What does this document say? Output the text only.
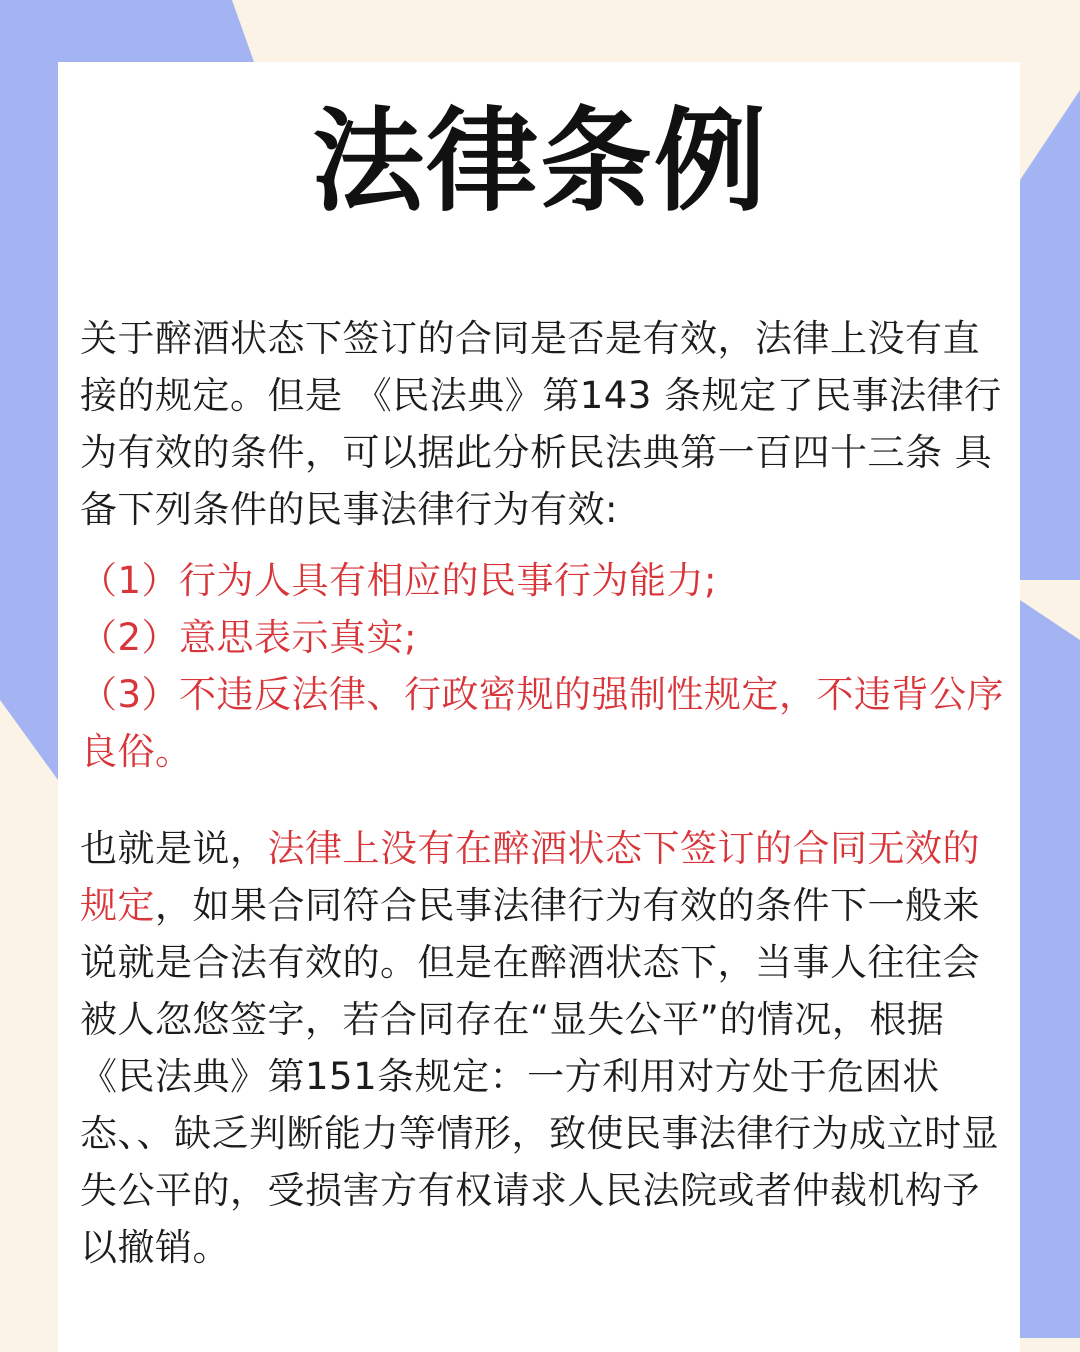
法律条例

关于醉酒状态下签订的合同是否是有效，法律上没有直接的规定。但是 《民法典》第143 条规定了民事法律行为有效的条件，可以据此分析民法典第一百四十三条 具备下列条件的民事法律行为有效:

（1）行为人具有相应的民事行为能力;
（2）意思表示真实;
（3）不违反法律、行政密规的强制性规定，不违背公序良俗。

也就是说，法律上没有在醉酒状态下签订的合同无效的规定，如果合同符合民事法律行为有效的条件下一般来说就是合法有效的。但是在醉酒状态下，当事人往往会被人忽悠签字，若合同存在“显失公平”的情况，根据《民法典》第151条规定：一方利用对方处于危困状态、、缺乏判断能力等情形，致使民事法律行为成立时显失公平的，受损害方有权请求人民法院或者仲裁机构予以撤销。
